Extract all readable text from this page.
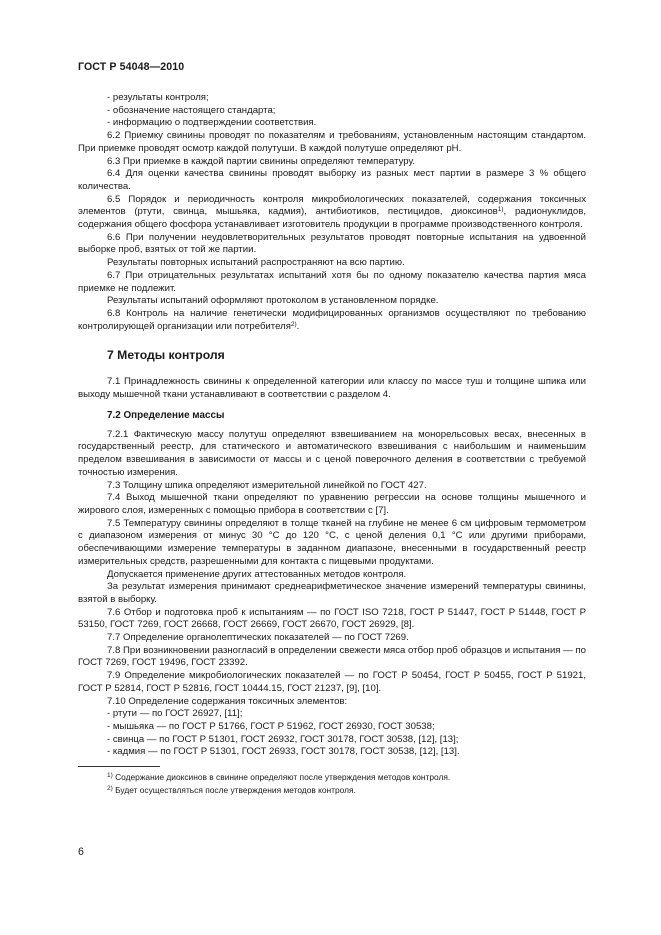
ГОСТ Р 54048—2010

- результаты контроля;

- обозначение настоящего стандарта;

- информацию о подтверждении соответствия.

6.2 Приемку свинины проводят по показателям и требованиям, установленным настоящим стандартом. При приемке проводят осмотр каждой полутуши. В каждой полутуше определяют рН.

6.3 При приемке в каждой партии свинины определяют температуру.

6.4 Для оценки качества свинины проводят выборку из разных мест партии в размере 3 % общего количества.

6.5 Порядок и периодичность контроля микробиологических показателей, содержания токсичных элементов (ртути, свинца, мышьяка, кадмия), антибиотиков, пестицидов, диоксинов$^{1)}$, радионуклидов, содержания общего фосфора устанавливает изготовитель продукции в программе производственного контроля.

6.6 При получении неудовлетворительных результатов проводят повторные испытания на удвоенной выборке проб, взятых от той же партии.

Результаты повторных испытаний распространяют на всю партию.

6.7 При отрицательных результатах испытаний хотя бы по одному показателю качества партия мяса приемке не подлежит.

Результаты испытаний оформляют протоколом в установленном порядке.

6.8 Контроль на наличие генетически модифицированных организмов осуществляют по требованию контролирующей организации или потребителя$^{2)}$.

7 Методы контроля

7.1 Принадлежность свинины к определенной категории или классу по массе туш и толщине шпика или выходу мышечной ткани устанавливают в соответствии с разделом 4.

7.2 Определение массы

7.2.1 Фактическую массу полутуш определяют взвешиванием на монорельсовых весах, внесенных в государственный реестр, для статического и автоматического взвешивания с наибольшим и наименьшим пределом взвешивания в зависимости от массы и с ценой поверочного деления в соответствии с требуемой точностью измерения.

7.3 Толщину шпика определяют измерительной линейкой по ГОСТ 427.

7.4 Выход мышечной ткани определяют по уравнению регрессии на основе толщины мышечного и жирового слоя, измеренных с помощью прибора в соответствии с [7].

7.5 Температуру свинины определяют в толще тканей на глубине не менее 6 см цифровым термометром с диапазоном измерения от минус 30 °С до 120 °С, с ценой деления 0,1 °С или другими приборами, обеспечивающими измерение температуры в заданном диапазоне, внесенными в государственный реестр измерительных средств, разрешенными для контакта с пищевыми продуктами.

Допускается применение других аттестованных методов контроля.

За результат измерения принимают среднеарифметическое значение измерений температуры свинины, взятой в выборку.

7.6 Отбор и подготовка проб к испытаниям — по ГОСТ ISO 7218, ГОСТ Р 51447, ГОСТ Р 51448, ГОСТ Р 53150, ГОСТ 7269, ГОСТ 26668, ГОСТ 26669, ГОСТ 26670, ГОСТ 26929, [8].

7.7 Определение органолептических показателей — по ГОСТ 7269.

7.8 При возникновении разногласий в определении свежести мяса отбор проб образцов и испытания — по ГОСТ 7269, ГОСТ 19496, ГОСТ 23392.

7.9 Определение микробиологических показателей — по ГОСТ Р 50454, ГОСТ Р 50455, ГОСТ Р 51921, ГОСТ Р 52814, ГОСТ Р 52816, ГОСТ 10444.15, ГОСТ 21237, [9], [10].

7.10 Определение содержания токсичных элементов:

- ртути — по ГОСТ 26927, [11];

- мышьяка — по ГОСТ Р 51766, ГОСТ Р 51962, ГОСТ 26930, ГОСТ 30538;

- свинца — по ГОСТ Р 51301, ГОСТ 26932, ГОСТ 30178, ГОСТ 30538, [12], [13];

- кадмия — по ГОСТ Р 51301, ГОСТ 26933, ГОСТ 30178, ГОСТ 30538, [12], [13].

$^{1)}$ Содержание диоксинов в свинине определяют после утверждения методов контроля.

$^{2)}$ Будет осуществляться после утверждения методов контроля.

6
